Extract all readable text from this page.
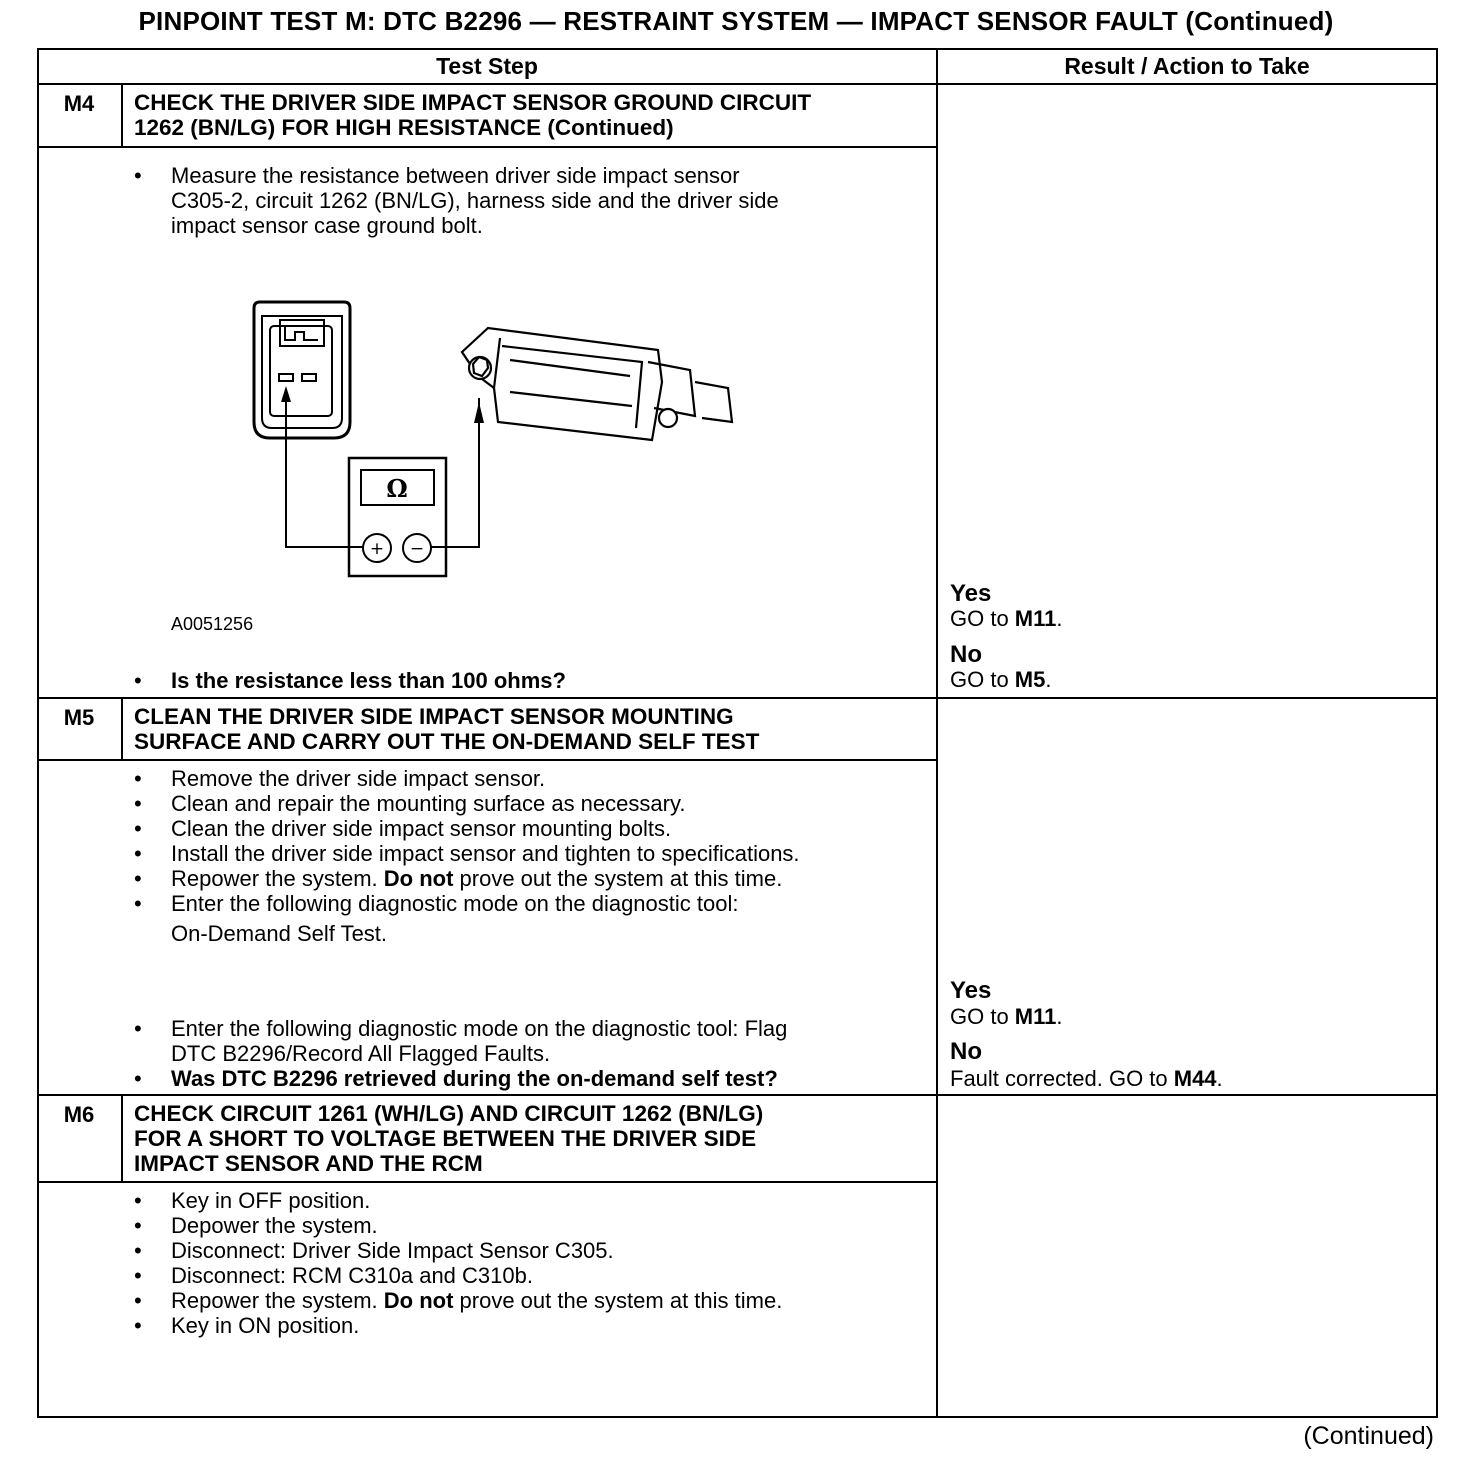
PINPOINT TEST M: DTC B2296 — RESTRAINT SYSTEM — IMPACT SENSOR FAULT (Continued)
Test Step	Result / Action to Take
M4	CHECK THE DRIVER SIDE IMPACT SENSOR GROUND CIRCUIT
1262 (BN/LG) FOR HIGH RESISTANCE (Continued)
• Measure the resistance between driver side impact sensor
C305-2, circuit 1262 (BN/LG), harness side and the driver side
impact sensor case ground bolt.
Ω
+ −
A0051256
• Is the resistance less than 100 ohms?
Yes
GO to M11.
No
GO to M5.
M5	CLEAN THE DRIVER SIDE IMPACT SENSOR MOUNTING
SURFACE AND CARRY OUT THE ON-DEMAND SELF TEST
• Remove the driver side impact sensor.
• Clean and repair the mounting surface as necessary.
• Clean the driver side impact sensor mounting bolts.
• Install the driver side impact sensor and tighten to specifications.
• Repower the system. Do not prove out the system at this time.
• Enter the following diagnostic mode on the diagnostic tool:
On-Demand Self Test.
• Enter the following diagnostic mode on the diagnostic tool: Flag
DTC B2296/Record All Flagged Faults.
• Was DTC B2296 retrieved during the on-demand self test?
Yes
GO to M11.
No
Fault corrected. GO to M44.
M6	CHECK CIRCUIT 1261 (WH/LG) AND CIRCUIT 1262 (BN/LG)
FOR A SHORT TO VOLTAGE BETWEEN THE DRIVER SIDE
IMPACT SENSOR AND THE RCM
• Key in OFF position.
• Depower the system.
• Disconnect: Driver Side Impact Sensor C305.
• Disconnect: RCM C310a and C310b.
• Repower the system. Do not prove out the system at this time.
• Key in ON position.
(Continued)
